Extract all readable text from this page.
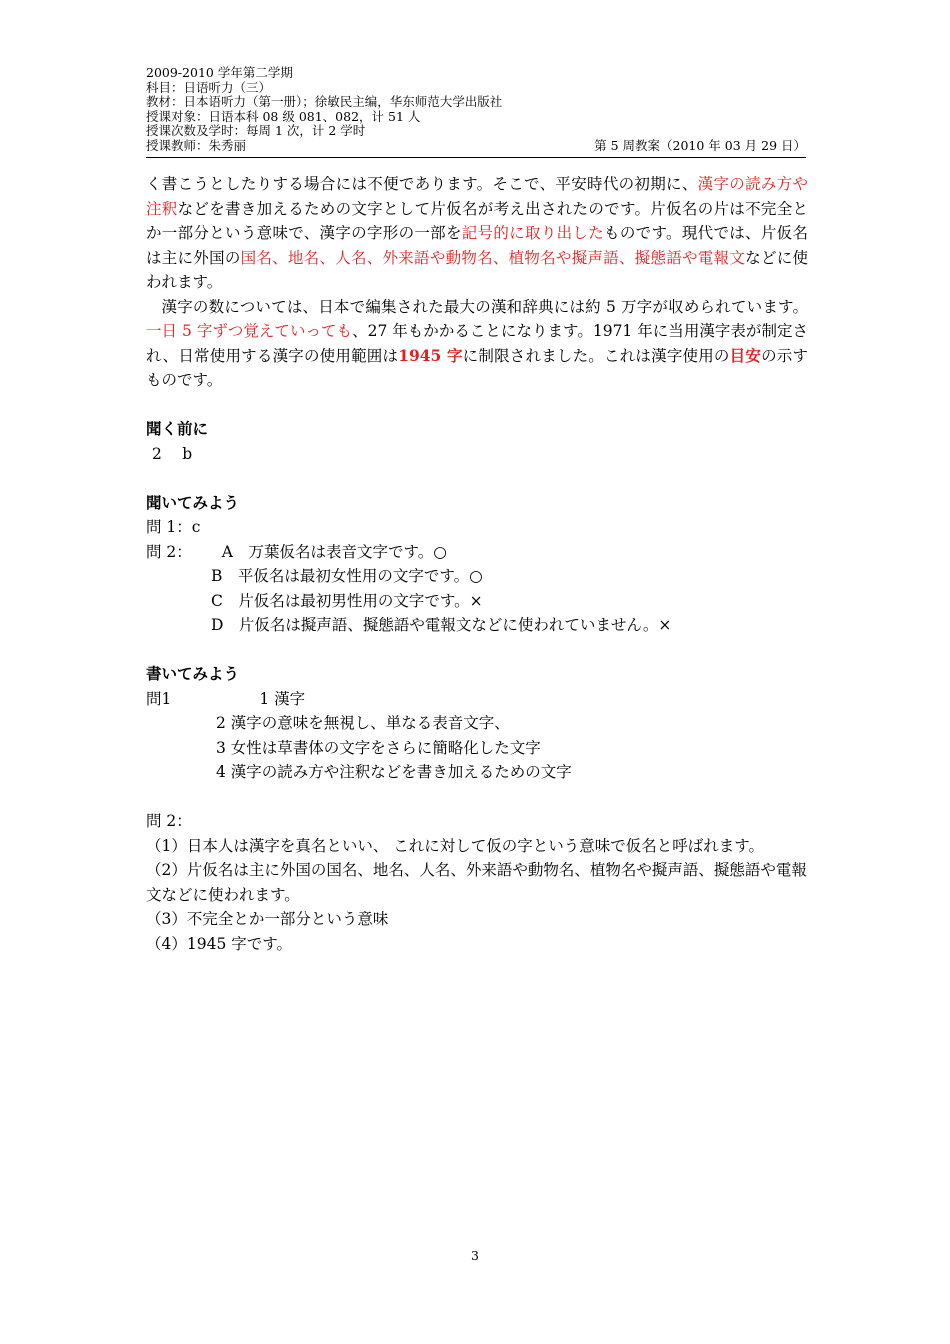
2009-2010 学年第二学期
科目：日语听力（三）
教材：日本语听力（第一册）；徐敏民主编，华东师范大学出版社
授课对象：日语本科 08 级 081、082，计 51 人
授课次数及学时：每周 1 次，计 2 学时
授课教师：朱秀丽	第 5 周教案（2010 年 03 月 29 日）

く書こうとしたりする場合には不便であります。そこで、平安時代の初期に、漢字の読み方や注釈などを書き加えるための文字として片仮名が考え出されたのです。片仮名の片は不完全とか一部分という意味で、漢字の字形の一部を記号的に取り出したものです。現代では、片仮名は主に外国の国名、地名、人名、外来語や動物名、植物名や擬声語、擬態語や電報文などに使われます。

漢字の数については、日本で編集された最大の漢和辞典には約 5 万字が収められています。一日 5 字ずつ覚えていっても、27 年もかかることになります。1971 年に当用漢字表が制定され、日常使用する漢字の使用範囲は1945 字に制限されました。これは漢字使用の目安の示すものです。

聞く前に

2　 b

聞いてみよう

問 1：c

問 2： A　万葉仮名は表音文字です。○

B　平仮名は最初女性用の文字です。○

C　片仮名は最初男性用の文字です。×

D　片仮名は擬声語、擬態語や電報文などに使われていません。×

書いてみよう

問1	1 漢字

2 漢字の意味を無視し、単なる表音文字、

3 女性は草書体の文字をさらに簡略化した文字

4 漢字の読み方や注釈などを書き加えるための文字

問 2：

（1）日本人は漢字を真名といい、 これに対して仮の字という意味で仮名と呼ばれます。

（2）片仮名は主に外国の国名、地名、人名、外来語や動物名、植物名や擬声語、擬態語や電報文などに使われます。

（3）不完全とか一部分という意味

（4）1945 字です。

3
